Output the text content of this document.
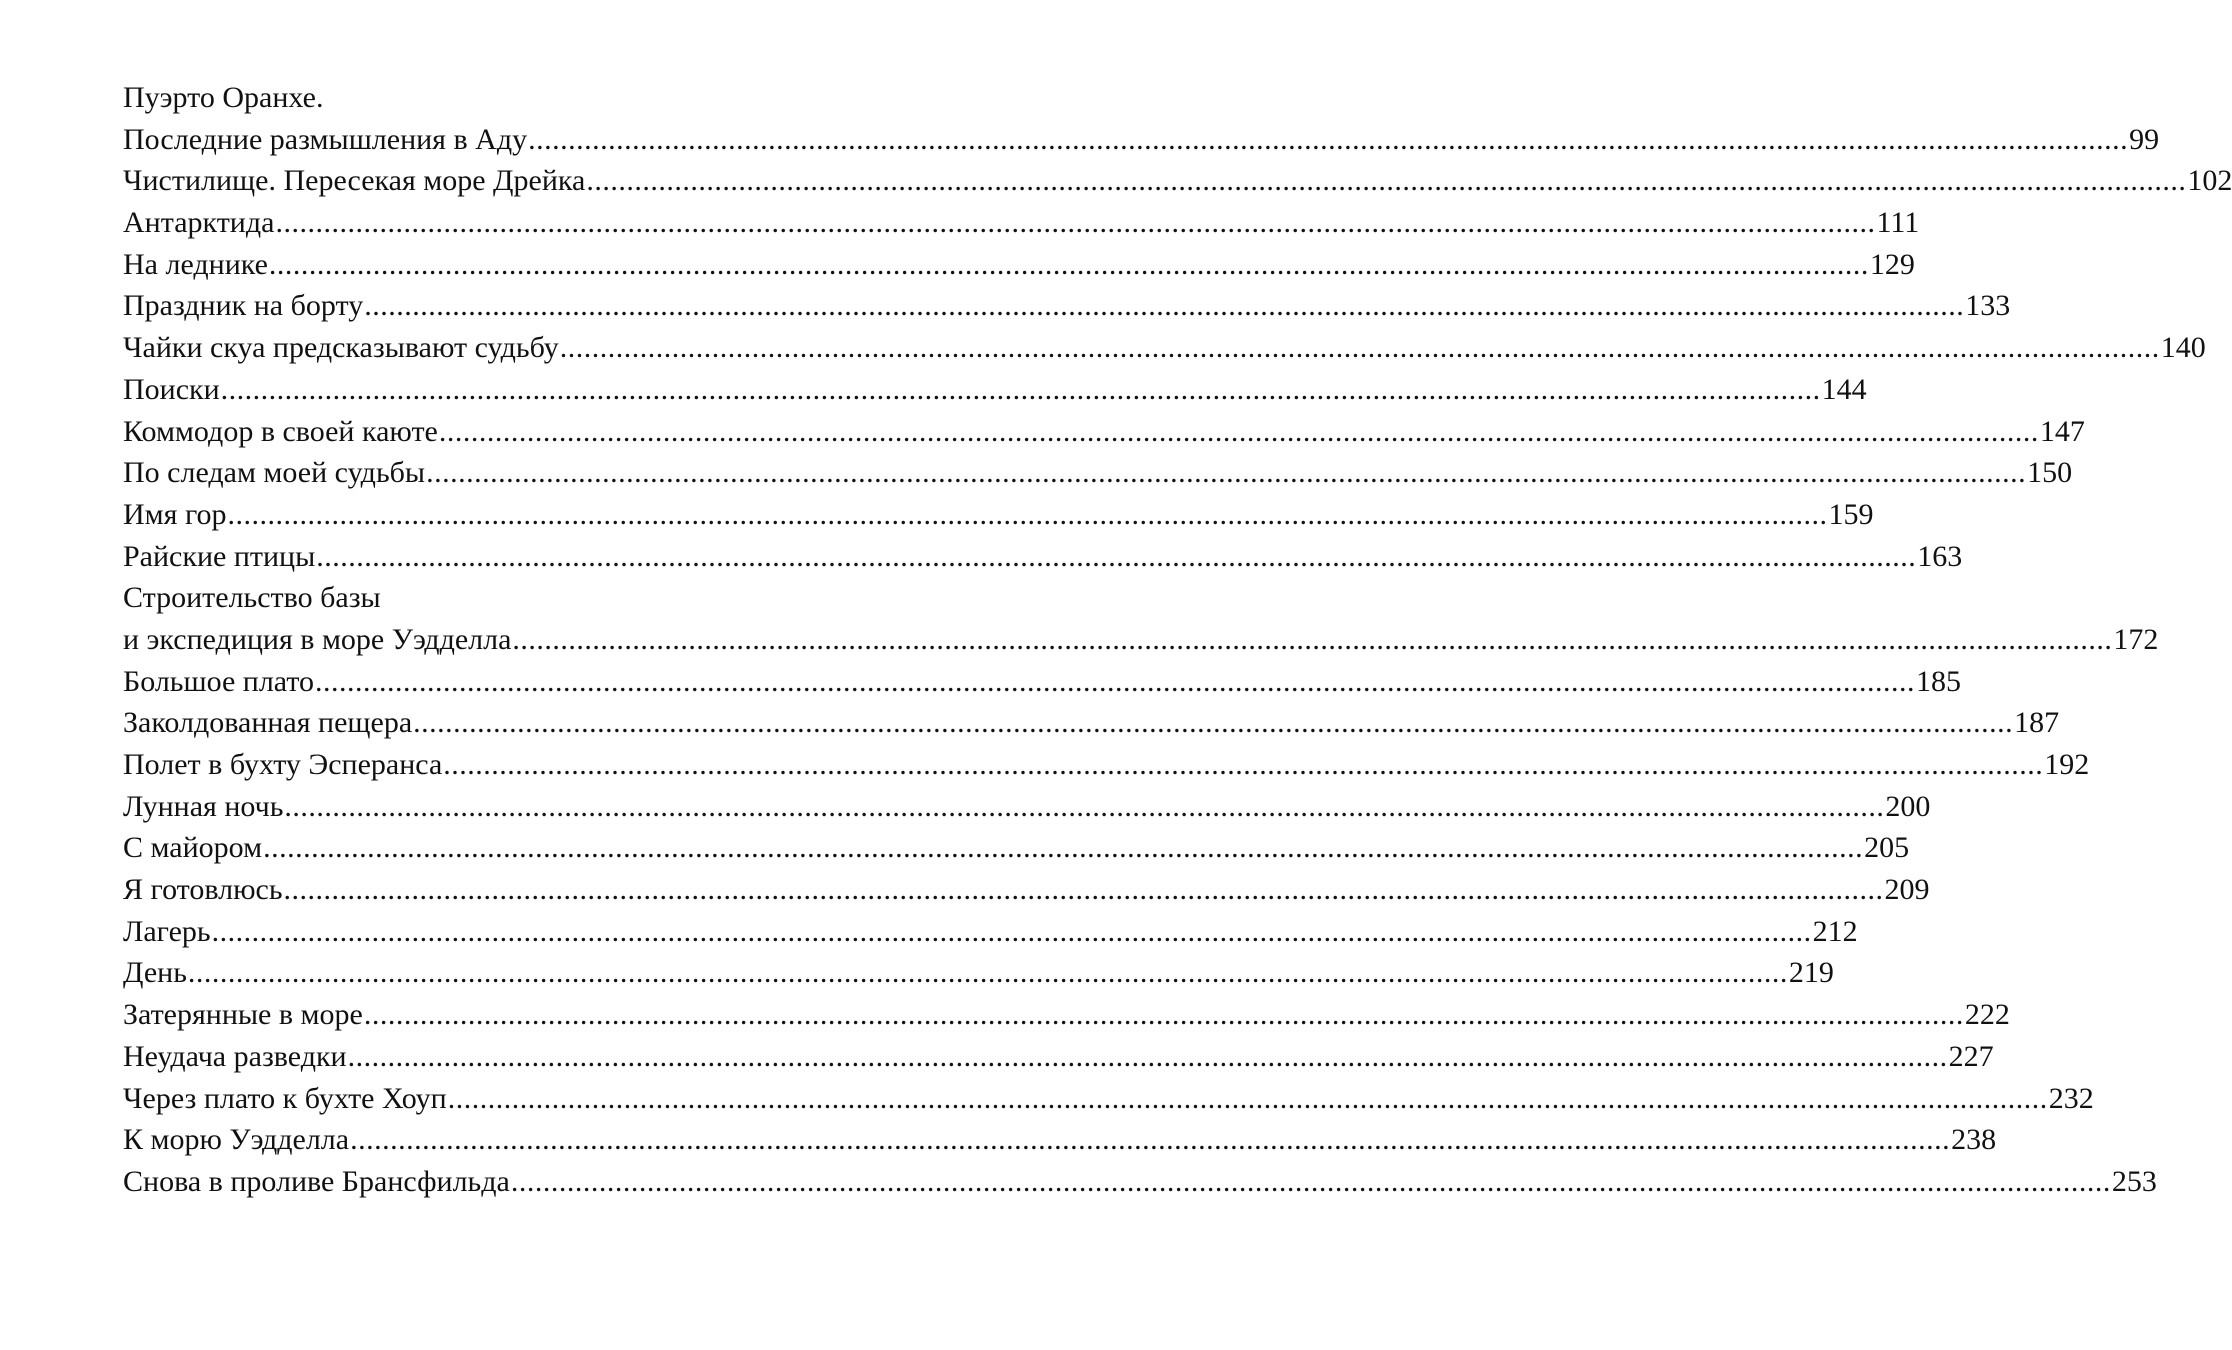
Пуэрто Оранхе.
Последние размышления в Аду ........................................................................................................................................................................................................ 99
Чистилище. Пересекая море Дрейка ........................................................................................................................................................................................................ 102
Антарктида ........................................................................................................................................................................................................ 111
На леднике ........................................................................................................................................................................................................ 129
Праздник на борту ........................................................................................................................................................................................................ 133
Чайки скуа предсказывают судьбу ........................................................................................................................................................................................................ 140
Поиски ........................................................................................................................................................................................................ 144
Коммодор в своей каюте ........................................................................................................................................................................................................ 147
По следам моей судьбы ........................................................................................................................................................................................................ 150
Имя гор ........................................................................................................................................................................................................ 159
Райские птицы ........................................................................................................................................................................................................ 163
Строительство базы
и экспедиция в море Уэдделла ........................................................................................................................................................................................................ 172
Большое плато ........................................................................................................................................................................................................ 185
Заколдованная пещера ........................................................................................................................................................................................................ 187
Полет в бухту Эсперанса ........................................................................................................................................................................................................ 192
Лунная ночь ........................................................................................................................................................................................................ 200
С майором ........................................................................................................................................................................................................ 205
Я готовлюсь ........................................................................................................................................................................................................ 209
Лагерь ........................................................................................................................................................................................................ 212
День ........................................................................................................................................................................................................ 219
Затерянные в море ........................................................................................................................................................................................................ 222
Неудача разведки ........................................................................................................................................................................................................ 227
Через плато к бухте Хоуп ........................................................................................................................................................................................................ 232
К морю Уэдделла ........................................................................................................................................................................................................ 238
Снова в проливе Брансфильда ........................................................................................................................................................................................................ 253
